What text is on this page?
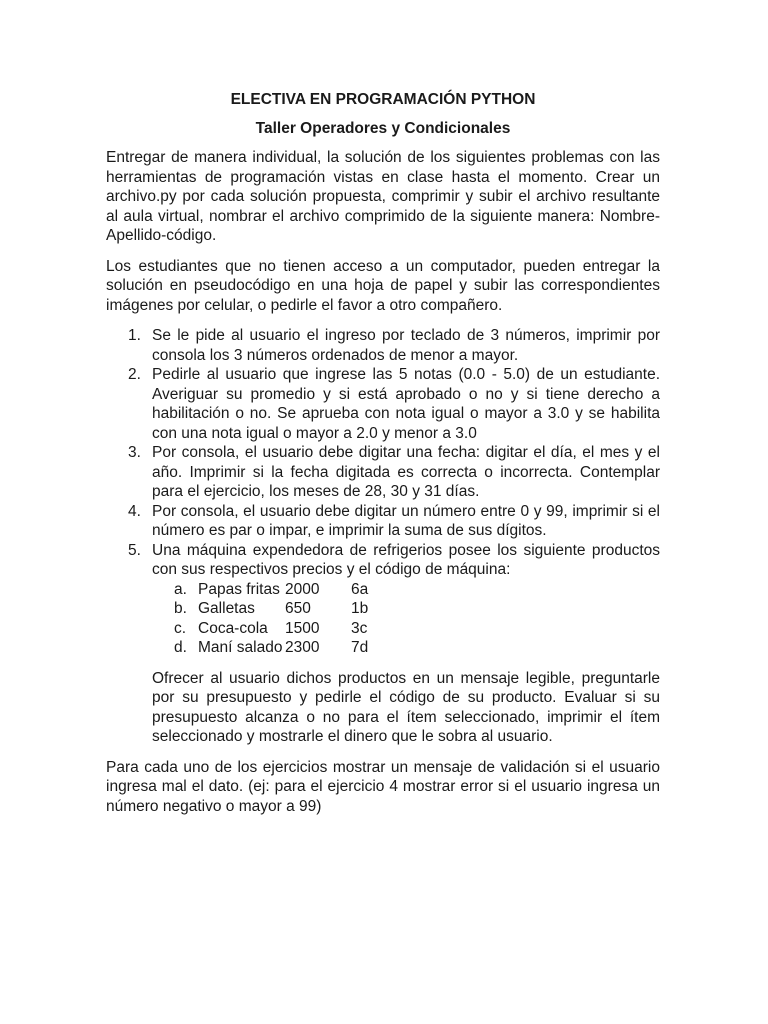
ELECTIVA EN PROGRAMACIÓN PYTHON
Taller Operadores y Condicionales

Entregar de manera individual, la solución de los siguientes problemas con las herramientas de programación vistas en clase hasta el momento. Crear un archivo.py por cada solución propuesta, comprimir y subir el archivo resultante al aula virtual, nombrar el archivo comprimido de la siguiente manera: Nombre-Apellido-código.

Los estudiantes que no tienen acceso a un computador, pueden entregar la solución en pseudocódigo en una hoja de papel y subir las correspondientes imágenes por celular, o pedirle el favor a otro compañero.

1. Se le pide al usuario el ingreso por teclado de 3 números, imprimir por consola los 3 números ordenados de menor a mayor.
2. Pedirle al usuario que ingrese las 5 notas (0.0 - 5.0) de un estudiante. Averiguar su promedio y si está aprobado o no y si tiene derecho a habilitación o no. Se aprueba con nota igual o mayor a 3.0 y se habilita con una nota igual o mayor a 2.0 y menor a 3.0
3. Por consola, el usuario debe digitar una fecha: digitar el día, el mes y el año. Imprimir si la fecha digitada es correcta o incorrecta. Contemplar para el ejercicio, los meses de 28, 30 y 31 días.
4. Por consola, el usuario debe digitar un número entre 0 y 99, imprimir si el número es par o impar, e imprimir la suma de sus dígitos.
5. Una máquina expendedora de refrigerios posee los siguiente productos con sus respectivos precios y el código de máquina:
a. Papas fritas 2000 6a
b. Galletas 650	1b
c. Coca-cola 1500 3c
d. Maní salado 2300 7d

Ofrecer al usuario dichos productos en un mensaje legible, preguntarle por su presupuesto y pedirle el código de su producto. Evaluar si su presupuesto alcanza o no para el ítem seleccionado, imprimir el ítem seleccionado y mostrarle el dinero que le sobra al usuario.

Para cada uno de los ejercicios mostrar un mensaje de validación si el usuario ingresa mal el dato. (ej: para el ejercicio 4 mostrar error si el usuario ingresa un número negativo o mayor a 99)
